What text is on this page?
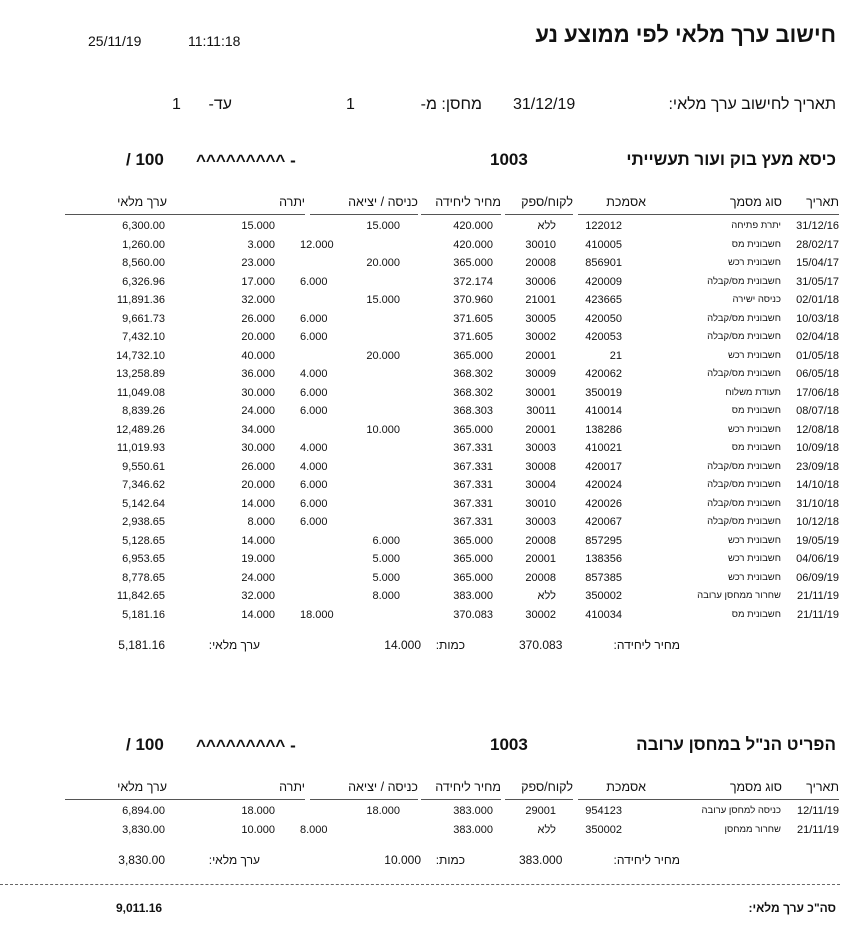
חישוב ערך מלאי לפי ממוצע נע
25/11/19	11:11:18
תאריך לחישוב ערך מלאי:
31/12/19
מחסן: מ-
1
עד-
1
כיסא מעץ בוק ועור תעשייתי
1003
- ^^^^^^^^^
100 /
תאריך
סוג מסמך
אסמכת
לקוח/ספק
מחיר ליחידה
כניסה / יציאה
יתרה
ערך מלאי
31/12/16
יתרת פתיחה
122012
ללא
420.000
15.000
15.000
6,300.00
28/02/17
חשבונית מס
410005
30010
420.000
12.000
3.000
1,260.00
15/04/17
חשבונית רכש
856901
20008
365.000
20.000
23.000
8,560.00
31/05/17
חשבונית מס/קבלה
420009
30006
372.174
6.000
17.000
6,326.96
02/01/18
כניסה ישירה
423665
21001
370.960
15.000
32.000
11,891.36
10/03/18
חשבונית מס/קבלה
420050
30005
371.605
6.000
26.000
9,661.73
02/04/18
חשבונית מס/קבלה
420053
30002
371.605
6.000
20.000
7,432.10
01/05/18
חשבונית רכש
21
20001
365.000
20.000
40.000
14,732.10
06/05/18
חשבונית מס/קבלה
420062
30009
368.302
4.000
36.000
13,258.89
17/06/18
תעודת משלוח
350019
30001
368.302
6.000
30.000
11,049.08
08/07/18
חשבונית מס
410014
30011
368.303
6.000
24.000
8,839.26
12/08/18
חשבונית רכש
138286
20001
365.000
10.000
34.000
12,489.26
10/09/18
חשבונית מס
410021
30003
367.331
4.000
30.000
11,019.93
23/09/18
חשבונית מס/קבלה
420017
30008
367.331
4.000
26.000
9,550.61
14/10/18
חשבונית מס/קבלה
420024
30004
367.331
6.000
20.000
7,346.62
31/10/18
חשבונית מס/קבלה
420026
30010
367.331
6.000
14.000
5,142.64
10/12/18
חשבונית מס/קבלה
420067
30003
367.331
6.000
8.000
2,938.65
19/05/19
חשבונית רכש
857295
20008
365.000
6.000
14.000
5,128.65
04/06/19
חשבונית רכש
138356
20001
365.000
5.000
19.000
6,953.65
06/09/19
חשבונית רכש
857385
20008
365.000
5.000
24.000
8,778.65
21/11/19
שחרור ממחסן ערובה
350002
ללא
383.000
8.000
32.000
11,842.65
21/11/19
חשבונית מס
410034
30002
370.083
18.000
14.000
5,181.16
מחיר ליחידה:
370.083
כמות:
14.000
ערך מלאי:
5,181.16
הפריט הנ"ל במחסן ערובה
1003
- ^^^^^^^^^
100 /
תאריך
סוג מסמך
אסמכת
לקוח/ספק
מחיר ליחידה
כניסה / יציאה
יתרה
ערך מלאי
12/11/19
כניסה למחסן ערובה
954123
29001
383.000
18.000
18.000
6,894.00
21/11/19
שחרור ממחסן
350002
ללא
383.000
8.000
10.000
3,830.00
מחיר ליחידה:
383.000
כמות:
10.000
ערך מלאי:
3,830.00
סה"כ ערך מלאי:
9,011.16
